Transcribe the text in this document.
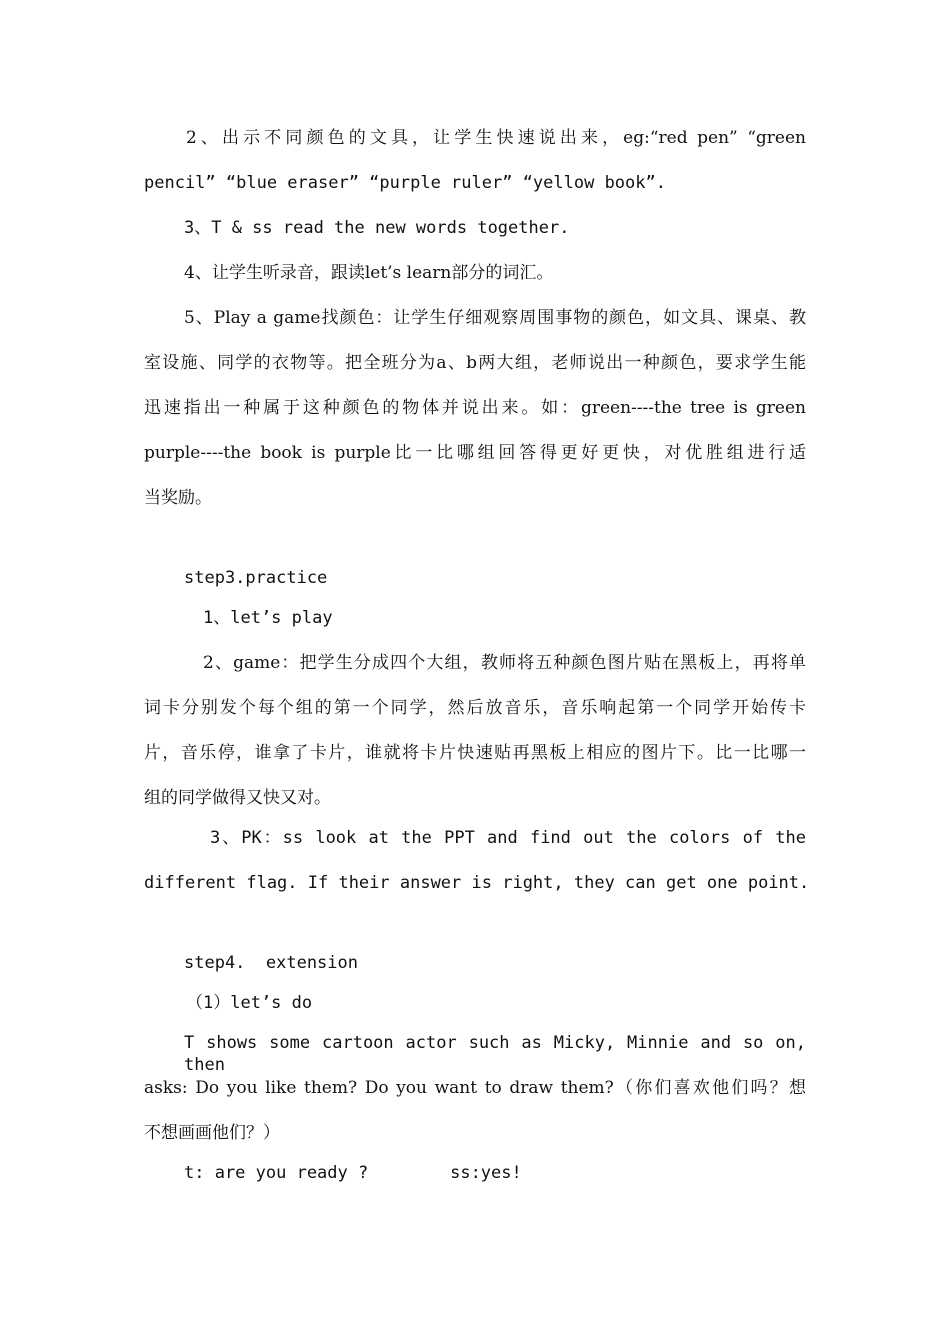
2、出示不同颜色的文具，让学生快速说出来，eg:“red pen” “green
pencil” “blue eraser” “purple ruler” “yellow book”.
3、T & ss read the new words together.
4、让学生听录音，跟读let’s learn部分的词汇。
5、Play a game找颜色：让学生仔细观察周围事物的颜色，如文具、课桌、教
室设施、同学的衣物等。把全班分为a、b两大组，老师说出一种颜色，要求学生能
迅速指出一种属于这种颜色的物体并说出来。如：green----the tree is green
purple----the book is purple比一比哪组回答得更好更快，对优胜组进行适
当奖励。
step3.practice
1、let’s play
2、game：把学生分成四个大组，教师将五种颜色图片贴在黑板上，再将单
词卡分别发个每个组的第一个同学，然后放音乐，音乐响起第一个同学开始传卡
片，音乐停，谁拿了卡片，谁就将卡片快速贴再黑板上相应的图片下。比一比哪一
组的同学做得又快又对。
3、PK：ss look at the PPT and find out the colors of the
different flag. If their answer is right, they can get one point.
step4.  extension
（1）let’s do
T shows some cartoon actor such as Micky, Minnie and so on, then
asks: Do you like them? Do you want to draw them?（你们喜欢他们吗？想
不想画画他们？）
t: are you ready ?        ss:yes!
